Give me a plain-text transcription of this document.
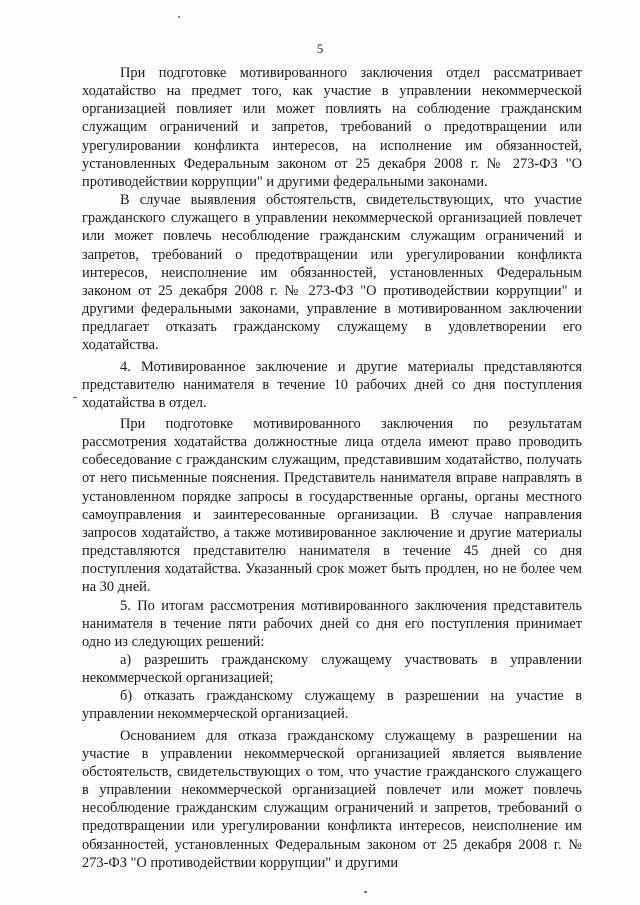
5

При подготовке мотивированного заключения отдел рассматривает ходатайство на предмет того, как участие в управлении некоммерческой организацией повлияет или может повлиять на соблюдение гражданским служащим ограничений и запретов, требований о предотвращении или урегулировании конфликта интересов, на исполнение им обязанностей, установленных Федеральным законом от 25 декабря 2008 г. № 273-ФЗ "О противодействии коррупции" и другими федеральными законами.

В случае выявления обстоятельств, свидетельствующих, что участие гражданского служащего в управлении некоммерческой организацией повлечет или может повлечь несоблюдение гражданским служащим ограничений и запретов, требований о предотвращении или урегулировании конфликта интересов, неисполнение им обязанностей, установленных Федеральным законом от 25 декабря 2008 г. № 273-ФЗ "О противодействии коррупции" и другими федеральными законами, управление в мотивированном заключении предлагает отказать гражданскому служащему в удовлетворении его ходатайства.

4. Мотивированное заключение и другие материалы представляются представителю нанимателя в течение 10 рабочих дней со дня поступления ходатайства в отдел.

При подготовке мотивированного заключения по результатам рассмотрения ходатайства должностные лица отдела имеют право проводить собеседование с гражданским служащим, представившим ходатайство, получать от него письменные пояснения. Представитель нанимателя вправе направлять в установленном порядке запросы в государственные органы, органы местного самоуправления и заинтересованные организации. В случае направления запросов ходатайство, а также мотивированное заключение и другие материалы представляются представителю нанимателя в течение 45 дней со дня поступления ходатайства. Указанный срок может быть продлен, но не более чем на 30 дней.

5. По итогам рассмотрения мотивированного заключения представитель нанимателя в течение пяти рабочих дней со дня его поступления принимает одно из следующих решений:

а) разрешить гражданскому служащему участвовать в управлении некоммерческой организацией;

б) отказать гражданскому служащему в разрешении на участие в управлении некоммерческой организацией.

Основанием для отказа гражданскому служащему в разрешении на участие в управлении некоммерческой организацией является выявление обстоятельств, свидетельствующих о том, что участие гражданского служащего в управлении некоммерческой организацией повлечет или может повлечь несоблюдение гражданским служащим ограничений и запретов, требований о предотвращении или урегулировании конфликта интересов, неисполнение им обязанностей, установленных Федеральным законом от 25 декабря 2008 г. № 273-ФЗ "О противодействии коррупции" и другими
